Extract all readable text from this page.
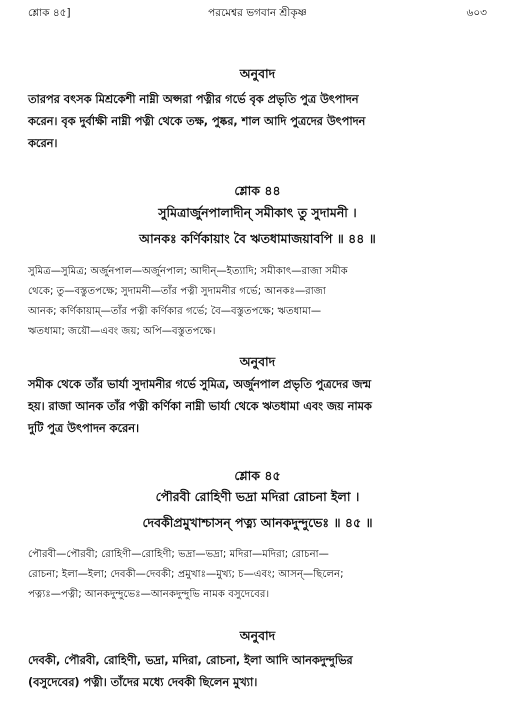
শ্লোক ৪৫]	পরমেশ্বর ভগবান শ্রীকৃষ্ণ	৬০৩
অনুবাদ
তারপর বৎসক মিশ্রকেশী নাম্নী অপ্সরা পত্নীর গর্ভে বৃক প্রভৃতি পুত্র উৎপাদন
করেন। বৃক দুর্বাক্ষী নাম্নী পত্নী থেকে তক্ষ, পুষ্কর, শাল আদি পুত্রদের উৎপাদন
করেন।
শ্লোক ৪৪
সুমিত্রার্জুনপালাদীন্ সমীকাৎ তু সুদামনী ।
আনকঃ কর্ণিকায়াং বৈ ঋতধামাজয়াবপি ॥ ৪৪ ॥
সুমিত্র—সুমিত্র; অর্জুনপাল—অর্জুনপাল; আদীন্—ইত্যাদি; সমীকাৎ—রাজা সমীক
থেকে; তু—বস্তুতপক্ষে; সুদামনী—তাঁর পত্নী সুদামনীর গর্ভে; আনকঃ—রাজা
আনক; কর্ণিকায়াম্—তাঁর পত্নী কর্ণিকার গর্ভে; বৈ—বস্তুতপক্ষে; ঋতধামা—
ঋতধামা; জয়ৌ—এবং জয়; অপি—বস্তুতপক্ষে।
অনুবাদ
সমীক থেকে তাঁর ভার্যা সুদামনীর গর্ভে সুমিত্র, অর্জুনপাল প্রভৃতি পুত্রদের জন্ম
হয়। রাজা আনক তাঁর পত্নী কর্ণিকা নাম্নী ভার্যা থেকে ঋতধামা এবং জয় নামক
দুটি পুত্র উৎপাদন করেন।
শ্লোক ৪৫
পৌরবী রোহিণী ভদ্রা মদিরা রোচনা ইলা ।
দেবকীপ্রমুখাশ্চাসন্ পত্ন্য আনকদুন্দুভেঃ ॥ ৪৫ ॥
পৌরবী—পৌরবী; রোহিণী—রোহিণী; ভদ্রা—ভদ্রা; মদিরা—মদিরা; রোচনা—
রোচনা; ইলা—ইলা; দেবকী—দেবকী; প্রমুখাঃ—মুখ্য; চ—এবং; আসন্—ছিলেন;
পত্ন্যঃ—পত্নী; আনকদুন্দুভেঃ—আনকদুন্দুভি নামক বসুদেবের।
অনুবাদ
দেবকী, পৌরবী, রোহিণী, ভদ্রা, মদিরা, রোচনা, ইলা আদি আনকদুন্দুভির
(বসুদেবের) পত্নী। তাঁদের মধ্যে দেবকী ছিলেন মুখ্যা।
